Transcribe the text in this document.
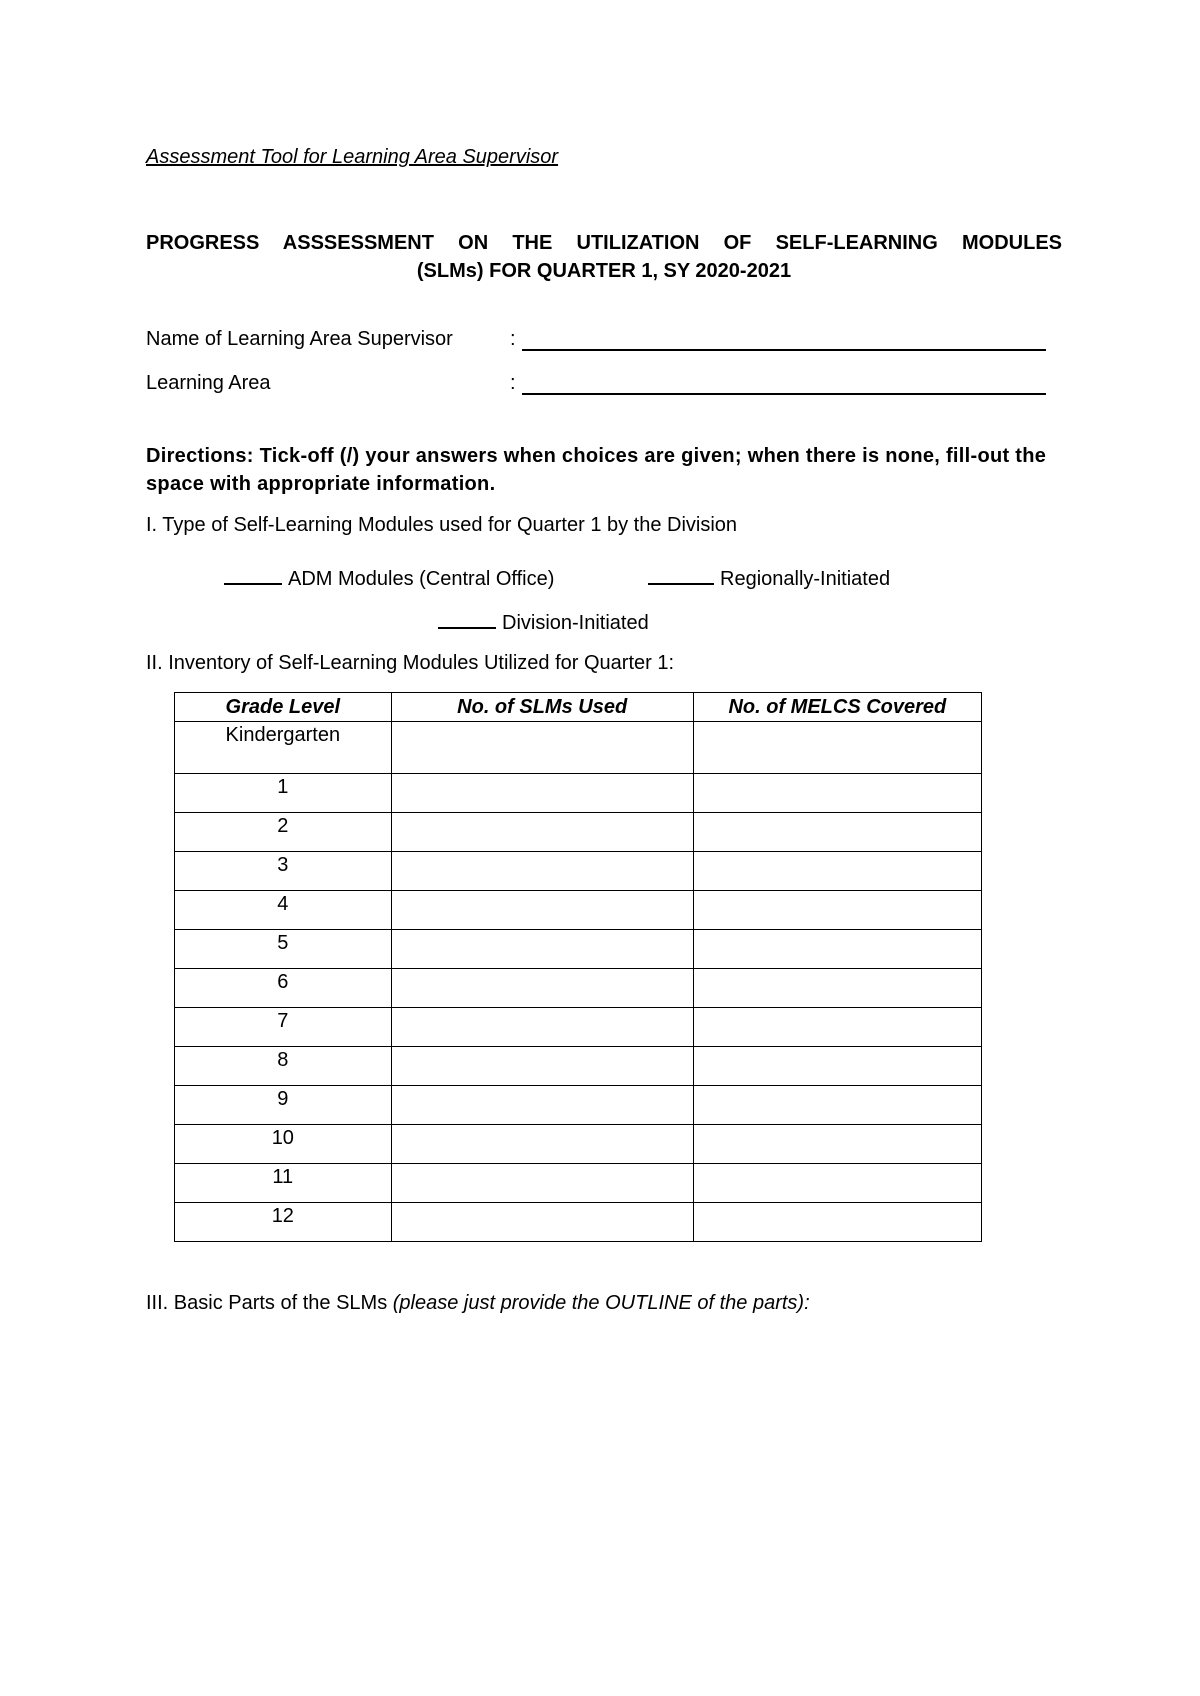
Assessment Tool for Learning Area Supervisor
PROGRESS ASSSESSMENT ON THE UTILIZATION OF SELF-LEARNING MODULES
(SLMs) FOR QUARTER 1, SY 2020-2021
Name of Learning Area Supervisor	:
Learning Area	:
Directions: Tick-off (/) your answers when choices are given; when there is none, fill-out the space with appropriate information.
I. Type of Self-Learning Modules used for Quarter 1 by the Division
ADM Modules (Central Office)	Regionally-Initiated
Division-Initiated
II. Inventory of Self-Learning Modules Utilized for Quarter 1:
Grade Level	No. of SLMs Used	No. of MELCS Covered
Kindergarten		
1		
2		
3		
4		
5		
6		
7		
8		
9		
10		
11		
12		
III. Basic Parts of the SLMs (please just provide the OUTLINE of the parts):
